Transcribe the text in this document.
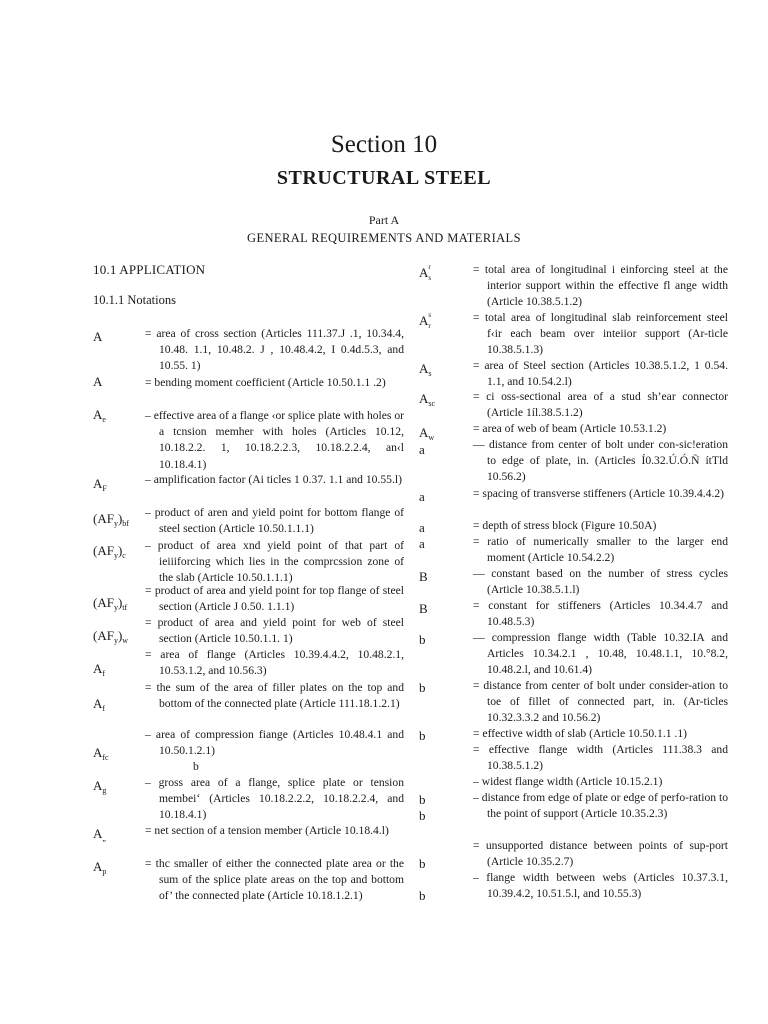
Section 10
STRUCTURAL STEEL
Part A
GENERAL REQUIREMENTS AND MATERIALS
10.1 APPLICATION
10.1.1 Notations
A
A
$A_e$
$A_F$
$(AF_y)_{bf}$
$(AF_y)_c$
$(AF_y)_{tf}$
$(AF_y)_w$
$A_f$
$A_f$
$A_{fc}$
$A_g$
$A_„$
$A_p$
= area of cross section (Articles 111.37.J .1, 10.34.4, 10.48. 1.1, 10.48.2. J , 10.48.4.2, I 0.4d.5.3, and 10.55. 1)
= bending moment coefficient (Article 10.50.1.1 .2)
– effective area of a flange ‹or splice plate with holes or a tcnsion memher with holes (Articles 10.12, 10.18.2.2. 1, 10.18.2.2.3, 10.18.2.2.4, an‹l 10.18.4.1)
– amplification factor (Ai ticles 1 0.37. 1.1 and 10.55.l)
– product of aren and yield point for bottom flange of steel section (Article 10.50.1.1.1)
– product of area xnd yield point of that part of ieiiiforcing which lies in the comprcssion zone of the slab (Article 10.50.1.1.1)
= product of area and yield point for top flange of steel section (Article J 0.50. 1.1.1)
= product of area and yield point for web of steel section (Article 10.50.1.1. 1)
= area of flange (Articles 10.39.4.4.2, 10.48.2.1, 10.53.1.2, and 10.56.3)
= the sum of the area of filler plates on the top and bottom of the connected plate (Article 111.18.1.2.1)
– area of compression fiange (Articles 10.48.4.1 and 10.50.1.2.1)
b
– gross area of a flange, splice plate or tension membei‘ (Articles 10.18.2.2.2, 10.18.2.2.4, and 10.18.4.1)
= net section of a tension member (Article 10.18.4.l)
= thc smaller of either the connected plate area or the sum of the splice plate areas on the top and bottom of’ the connected plate (Article 10.18.1.2.1)
A r
s
A s
r
$A_s$
$A_{sc}$
$A_w$
a
a
a
a
B
B
b
b
b
b
b
b
b
= total area of longitudinal i einforcing steel at the interior support within the effective fl ange width (Article 10.38.5.1.2)
= total area of longitudinal slab reinforcement steel f‹ir each beam over inteiior support (Ar-ticle 10.38.5.1.3)
= area of Steel section (Articles 10.38.5.1.2, 1 0.54. 1.1, and 10.54.2.l)
= ci oss-sectional area of a stud sh’ear connector (Article 1íl.38.5.1.2)
= area of web of beam (Article 10.53.1.2)
— distance from center of bolt under con-sic!eration to edge of plate, in. (Articles Í0.32.Ú.Ó.Ñ ítTld 10.56.2)
= spacing of transverse stiffeners (Article 10.39.4.4.2)
= depth of stress block (Figure 10.50A)
= ratio of numerically smaller to the larger end moment (Article 10.54.2.2)
— constant based on the number of stress cycles (Article 10.38.5.1.l)
= constant for stiffeners (Articles 10.34.4.7 and 10.48.5.3)
— compression flange width (Table 10.32.IA and Articles 10.34.2.1 , 10.48, 10.48.1.1, 10.°8.2, 10.48.2.l, and 10.61.4)
= distance from center of bolt under consider-ation to toe of fillet of connected part, in. (Ar-ticles 10.32.3.3.2 and 10.56.2)
= effective width of slab (Article 10.50.1.1 .1)
= effective flange width (Articles 111.38.3 and 10.38.5.1.2)
– widest flange width (Article 10.15.2.1)
– distance from edge of plate or edge of perfo-ration to the point of support (Article 10.35.2.3)
= unsupported distance between points of sup-port (Article 10.35.2.7)
– flange width between webs (Articles 10.37.3.1, 10.39.4.2, 10.51.5.l, and 10.55.3)
